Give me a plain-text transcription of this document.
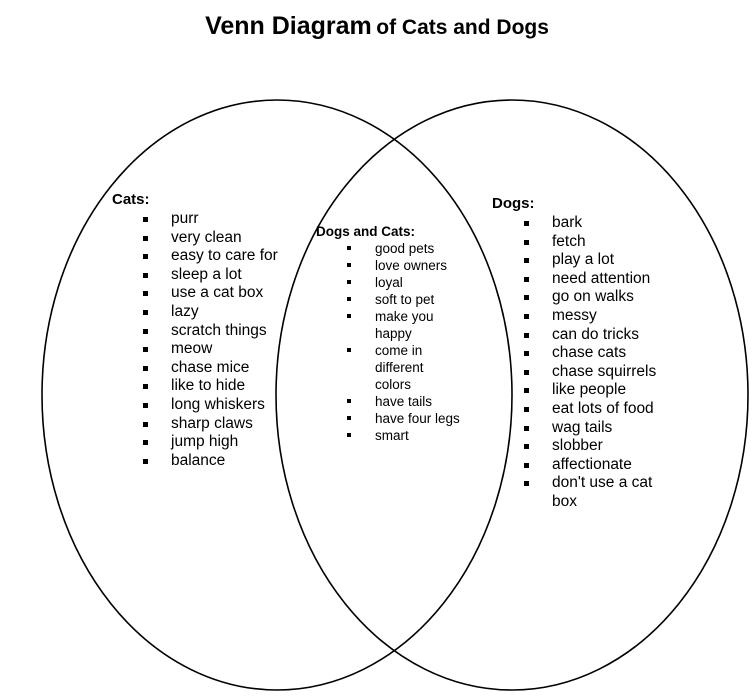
Venn Diagram of Cats and Dogs
Cats:
purr
very clean
easy to care for
sleep a lot
use a cat box
lazy
scratch things
meow
chase mice
like to hide
long whiskers
sharp claws
jump high
balance
Dogs and Cats:
good pets
love owners
loyal
soft to pet
make you happy
come in different colors
have tails
have four legs
smart
Dogs:
bark
fetch
play a lot
need attention
go on walks
messy
can do tricks
chase cats
chase squirrels
like people
eat lots of food
wag tails
slobber
affectionate
don't use a cat box
